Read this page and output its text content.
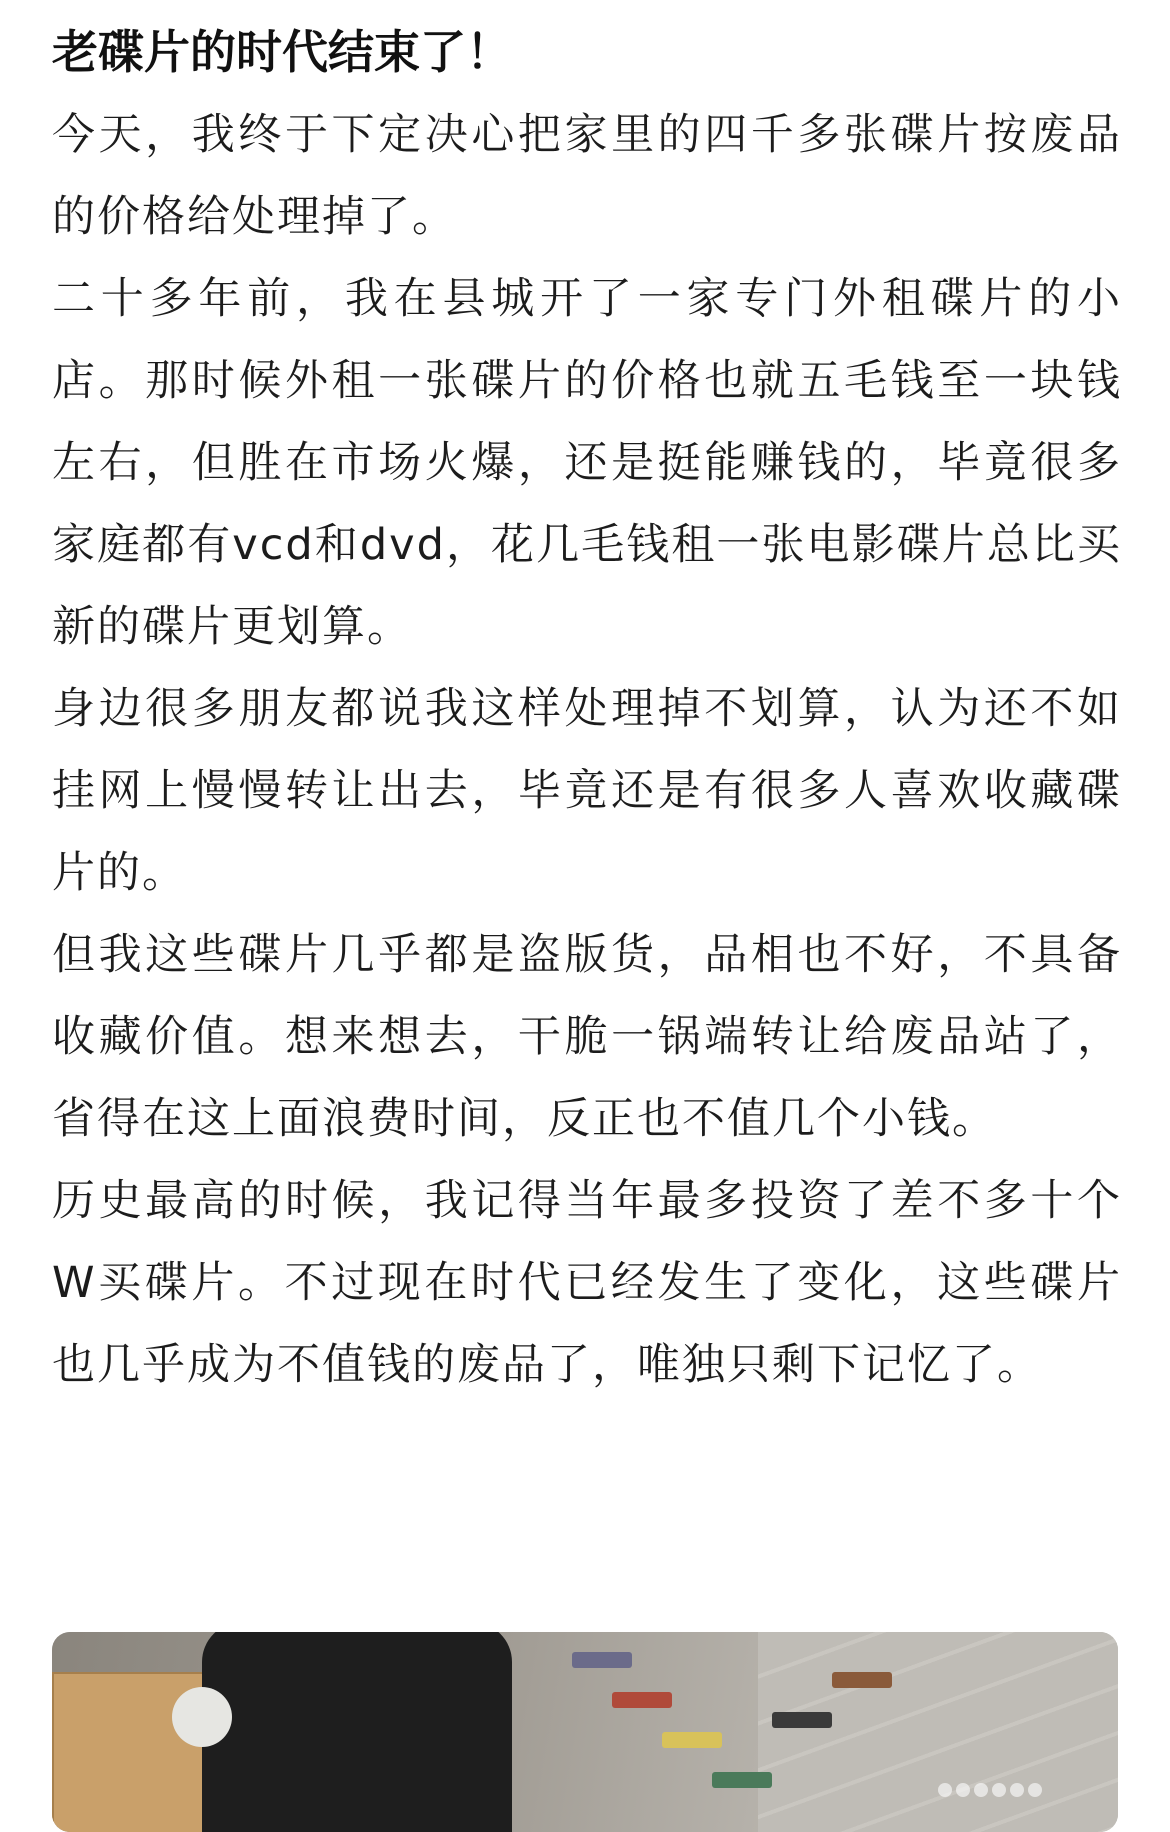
老碟片的时代结束了！

今天，我终于下定决心把家里的四千多张碟片按废品的价格给处理掉了。

二十多年前，我在县城开了一家专门外租碟片的小店。那时候外租一张碟片的价格也就五毛钱至一块钱左右，但胜在市场火爆，还是挺能赚钱的，毕竟很多家庭都有vcd和dvd，花几毛钱租一张电影碟片总比买新的碟片更划算。

身边很多朋友都说我这样处理掉不划算，认为还不如挂网上慢慢转让出去，毕竟还是有很多人喜欢收藏碟片的。

但我这些碟片几乎都是盗版货，品相也不好，不具备收藏价值。想来想去，干脆一锅端转让给废品站了，省得在这上面浪费时间，反正也不值几个小钱。

历史最高的时候，我记得当年最多投资了差不多十个W买碟片。不过现在时代已经发生了变化，这些碟片也几乎成为不值钱的废品了，唯独只剩下记忆了。
